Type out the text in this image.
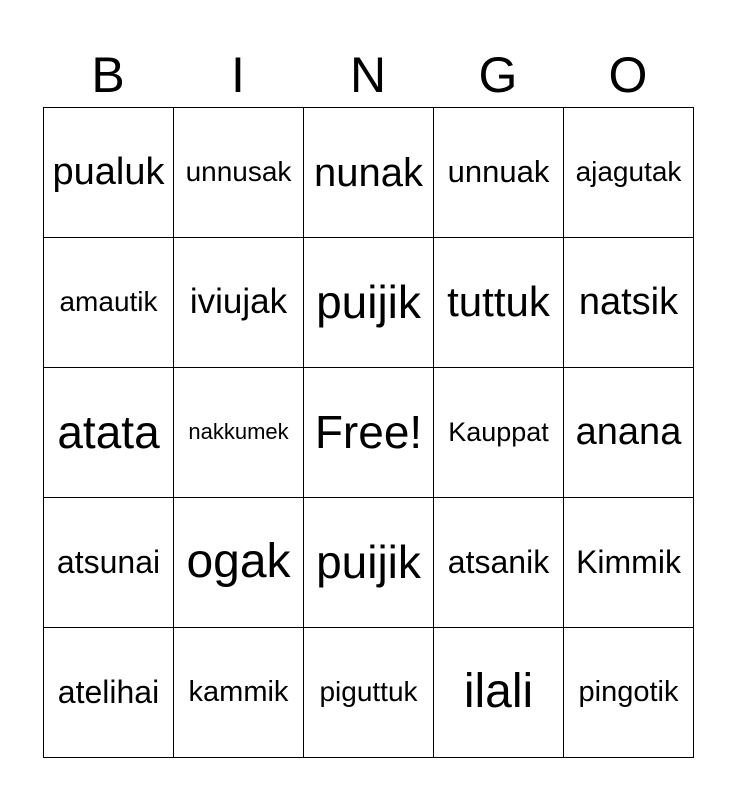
B	I	N	G	O
pualuk unnusak nunak unnuak ajagutak
amautik iviujak puijik tuttuk natsik
atata	nakkumek Free! Kauppat anana
atsunai ogak puijik atsanik Kimmik
atelihai	kammik	piguttuk ilali	pingotik
